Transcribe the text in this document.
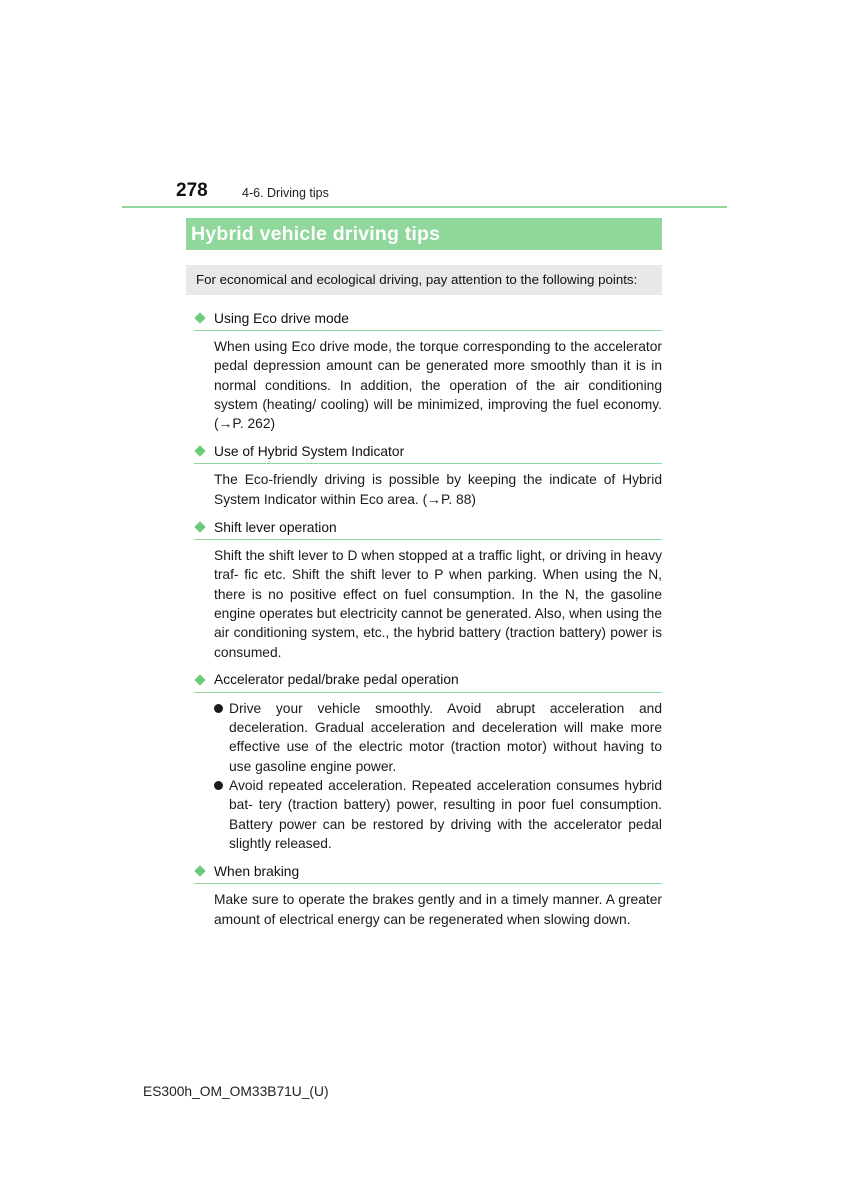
278	4-6. Driving tips
Hybrid vehicle driving tips
For economical and ecological driving, pay attention to the following points:
Using Eco drive mode

When using Eco drive mode, the torque corresponding to the accelerator pedal depression amount can be generated more smoothly than it is in normal conditions. In addition, the operation of the air conditioning system (heating/ cooling) will be minimized, improving the fuel economy. (→P. 262)

Use of Hybrid System Indicator

The Eco-friendly driving is possible by keeping the indicate of Hybrid System Indicator within Eco area. (→P. 88)

Shift lever operation

Shift the shift lever to D when stopped at a traffic light, or driving in heavy traf- fic etc. Shift the shift lever to P when parking. When using the N, there is no positive effect on fuel consumption. In the N, the gasoline engine operates but electricity cannot be generated. Also, when using the air conditioning system, etc., the hybrid battery (traction battery) power is consumed.

Accelerator pedal/brake pedal operation
Drive your vehicle smoothly. Avoid abrupt acceleration and deceleration. Gradual acceleration and deceleration will make more effective use of the electric motor (traction motor) without having to use gasoline engine power.
Avoid repeated acceleration. Repeated acceleration consumes hybrid bat- tery (traction battery) power, resulting in poor fuel consumption. Battery power can be restored by driving with the accelerator pedal slightly released.
When braking

Make sure to operate the brakes gently and in a timely manner. A greater amount of electrical energy can be regenerated when slowing down.

ES300h_OM_OM33B71U_(U)
